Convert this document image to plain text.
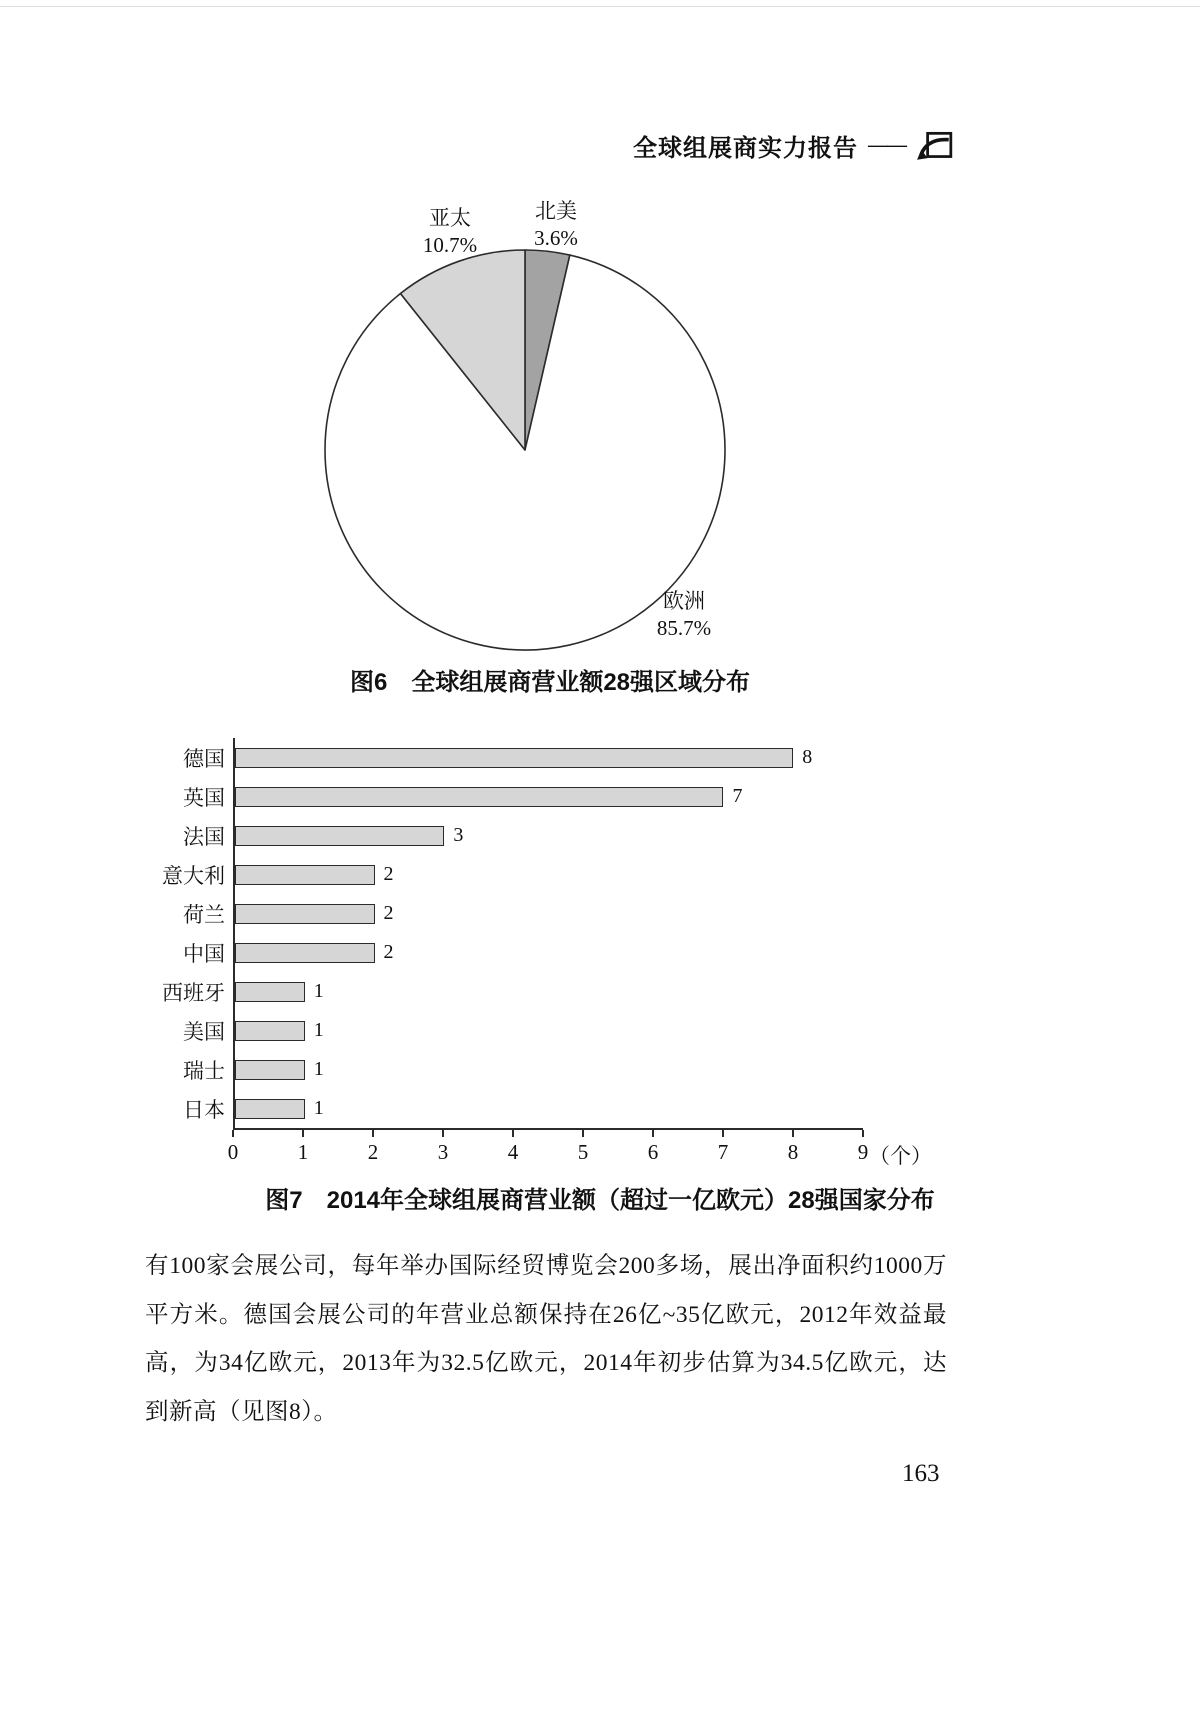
全球组展商实力报告 ——
北美
3.6%
亚太
10.7%
欧洲
85.7%
图6　全球组展商营业额28强区域分布
德国	8
英国	7
法国	3
意大利	2
荷兰	2
中国	2
西班牙	1
美国	1
瑞士	1
日本	1
（个）
0	1	2	3	4	5	6	7	8	9
图7　2014年全球组展商营业额（超过一亿欧元）28强国家分布

有100家会展公司，每年举办国际经贸博览会200多场，展出净面积约1000万平方米。德国会展公司的年营业总额保持在26亿~35亿欧元，2012年效益最高，为34亿欧元，2013年为32.5亿欧元，2014年初步估算为34.5亿欧元，达到新高（见图8）。

163
